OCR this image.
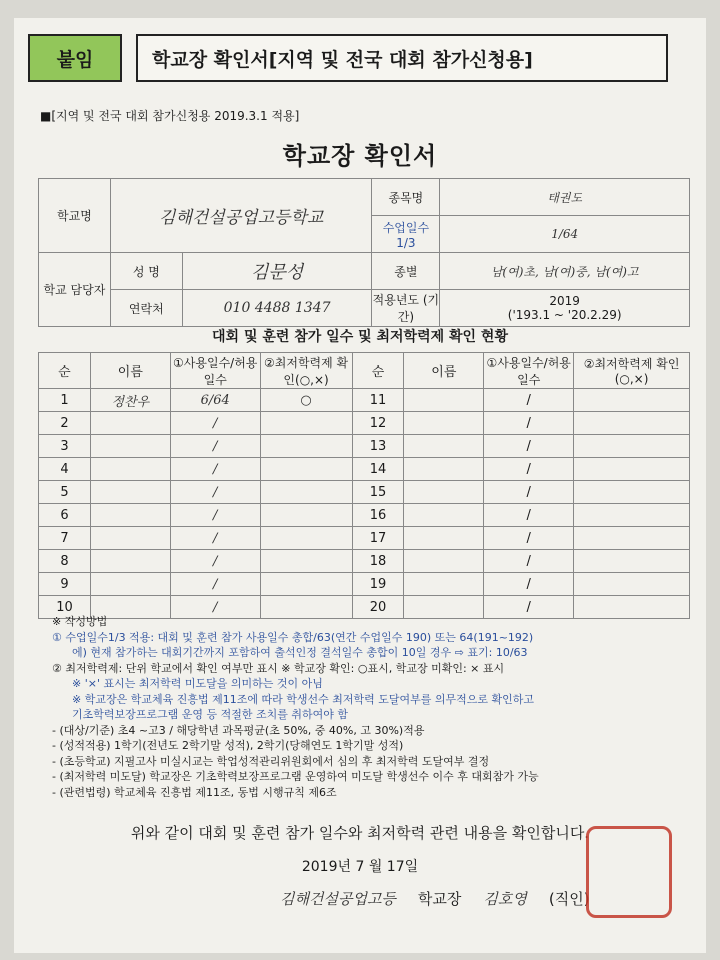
붙임	학교장 확인서[지역 및 전국 대회 참가신청용]
■[지역 및 전국 대회 참가신청용 2019.3.1 적용]
학교장 확인서
학교명	김해건설공업고등학교		종목명	태권도
			수업일수 1/3	1/64
학교 담당자	성 명	김문성	종별	남(여)초, 남(여)중, 남(여)고
	연락처	010 4488 1347	적용년도 (기간)	2019
('193.1 ~ '20.2.29)
대회 및 훈련 참가 일수 및 최저학력제 확인 현황
순	이름	①사용일수/허용일수	②최저학력제 확인(○,×)	순	이름	①사용일수/허용일수	②최저학력제 확인(○,×)
1	정찬우	6/64	○	11		/	
2		/		12		/	
3		/		13		/	
4		/		14		/	
5		/		15		/	
6		/		16		/	
7		/		17		/	
8		/		18		/	
9		/		19		/	
10		/		20		/	
※ 작성방법
① 수업일수1/3 적용: 대회 및 훈련 참가 사용일수 총합/63(연간 수업일수 190) 또는 64(191~192)
에) 현재 참가하는 대회기간까지 포함하여 출석인정 결석일수 총합이 10일 경우 ⇨ 표기: 10/63
② 최저학력제: 단위 학교에서 확인 여부만 표시 ※ 학교장 확인: ○표시, 학교장 미확인: × 표시
※ '×' 표시는 최저학력 미도달을 의미하는 것이 아님
※ 학교장은 학교체육 진흥법 제11조에 따라 학생선수 최저학력 도달여부를 의무적으로 확인하고
기초학력보장프로그램 운영 등 적절한 조치를 취하여야 함
- (대상/기준) 초4 ~고3 / 해당학년 과목평균(초 50%, 중 40%, 고 30%)적용
- (성적적용) 1학기(전년도 2학기말 성적), 2학기(당해연도 1학기말 성적)
- (초등학교) 지필고사 미실시교는 학업성적관리위원회에서 심의 후 최저학력 도달여부 결정
- (최저학력 미도달) 학교장은 기초학력보장프로그램 운영하여 미도달 학생선수 이수 후 대회참가 가능
- (관련법령) 학교체육 진흥법 제11조, 동법 시행규칙 제6조
위와 같이 대회 및 훈련 참가 일수와 최저학력 관련 내용을 확인합니다.
2019년 7 월 17일
김해건설공업고등 학교장 김호영 (직인)
